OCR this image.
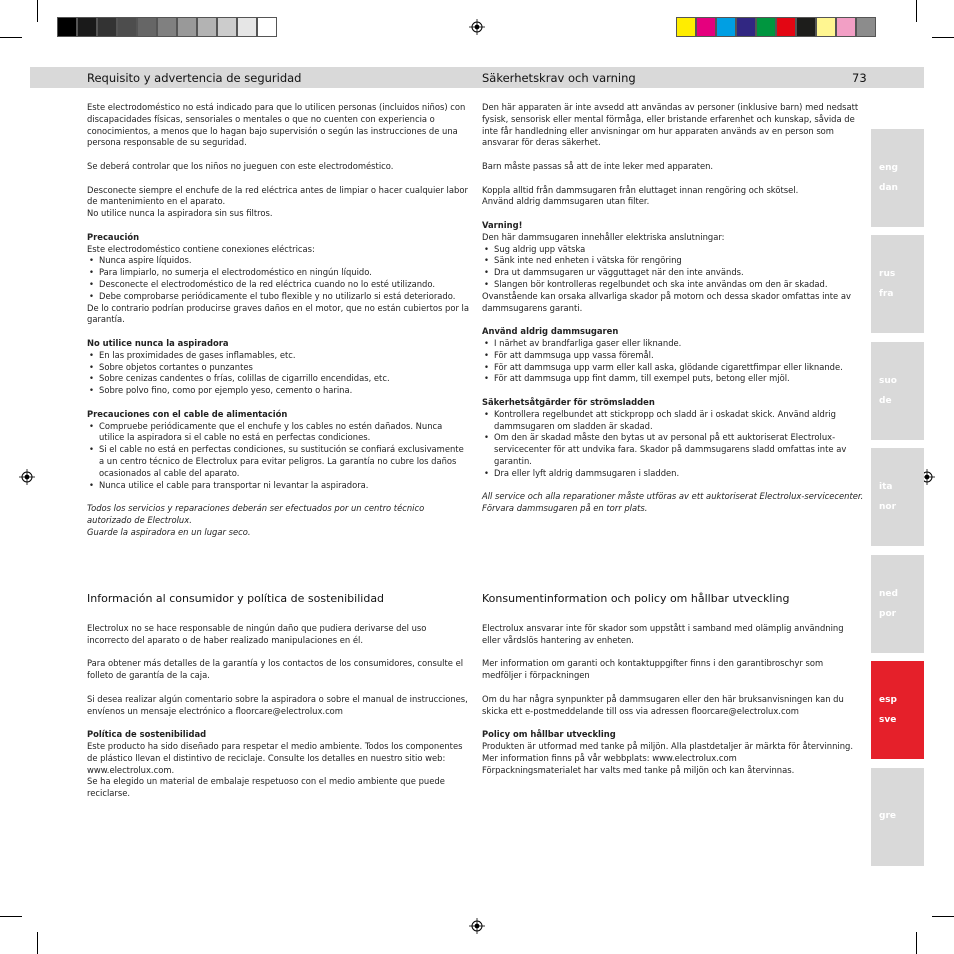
Requisito y advertencia de seguridad	Säkerhetskrav och varning	73

Este electrodoméstico no está indicado para que lo utilicen personas (incluidos niños) con discapacidades físicas, sensoriales o mentales o que no cuenten con experiencia o conocimientos, a menos que lo hagan bajo supervisión o según las instrucciones de una persona responsable de su seguridad.

Se deberá controlar que los niños no jueguen con este electrodoméstico.

Desconecte siempre el enchufe de la red eléctrica antes de limpiar o hacer cualquier labor de mantenimiento en el aparato.

No utilice nunca la aspiradora sin sus filtros.

Precaución
Este electrodoméstico contiene conexiones eléctricas:
• Nunca aspire líquidos.
• Para limpiarlo, no sumerja el electrodoméstico en ningún líquido.
• Desconecte el electrodoméstico de la red eléctrica cuando no lo esté utilizando.
• Debe comprobarse periódicamente el tubo flexible y no utilizarlo si está deteriorado.

De lo contrario podrían producirse graves daños en el motor, que no están cubiertos por la garantía.

No utilice nunca la aspiradora
• En las proximidades de gases inflamables, etc.
• Sobre objetos cortantes o punzantes
• Sobre cenizas candentes o frías, colillas de cigarrillo encendidas, etc.
• Sobre polvo fino, como por ejemplo yeso, cemento o harina.
Precauciones con el cable de alimentación
• Compruebe periódicamente que el enchufe y los cables no estén dañados. Nunca utilice la aspiradora si el cable no está en perfectas condiciones.
• Si el cable no está en perfectas condiciones, su sustitución se confiará exclusivamente a un centro técnico de Electrolux para evitar peligros. La garantía no cubre los daños ocasionados al cable del aparato.
• Nunca utilice el cable para transportar ni levantar la aspiradora.
Todos los servicios y reparaciones deberán ser efectuados por un centro técnico autorizado de Electrolux.
Guarde la aspiradora en un lugar seco.

Den här apparaten är inte avsedd att användas av personer (inklusive barn) med nedsatt fysisk, sensorisk eller mental förmåga, eller bristande erfarenhet och kunskap, såvida de inte får handledning eller anvisningar om hur apparaten används av en person som ansvarar för deras säkerhet.

Barn måste passas så att de inte leker med apparaten.

Koppla alltid från dammsugaren från eluttaget innan rengöring och skötsel.

Använd aldrig dammsugaren utan filter.

Varning!
Den här dammsugaren innehåller elektriska anslutningar:
• Sug aldrig upp vätska
• Sänk inte ned enheten i vätska för rengöring
• Dra ut dammsugaren ur vägguttaget när den inte används.
• Slangen bör kontrolleras regelbundet och ska inte användas om den är skadad.

Ovanstående kan orsaka allvarliga skador på motorn och dessa skador omfattas inte av dammsugarens garanti.

Använd aldrig dammsugaren
• I närhet av brandfarliga gaser eller liknande.
• För att dammsuga upp vassa föremål.
• För att dammsuga upp varm eller kall aska, glödande cigarettfimpar eller liknande.
• För att dammsuga upp fint damm, till exempel puts, betong eller mjöl.
Säkerhetsåtgärder för strömsladden
• Kontrollera regelbundet att stickpropp och sladd är i oskadat skick. Använd aldrig dammsugaren om sladden är skadad.
• Om den är skadad måste den bytas ut av personal på ett auktoriserat Electrolux-servicecenter för att undvika fara. Skador på dammsugarens sladd omfattas inte av garantin.
• Dra eller lyft aldrig dammsugaren i sladden.
All service och alla reparationer måste utföras av ett auktoriserat Electrolux-servicecenter.
Förvara dammsugaren på en torr plats.
Información al consumidor y política de sostenibilidad	Konsumentinformation och policy om hållbar utveckling

Electrolux no se hace responsable de ningún daño que pudiera derivarse del uso incorrecto del aparato o de haber realizado manipulaciones en él.

Para obtener más detalles de la garantía y los contactos de los consumidores, consulte el folleto de garantía de la caja.

Si desea realizar algún comentario sobre la aspiradora o sobre el manual de instrucciones, envíenos un mensaje electrónico a floorcare@electrolux.com

Política de sostenibilidad
Este producto ha sido diseñado para respetar el medio ambiente. Todos los componentes de plástico llevan el distintivo de reciclaje. Consulte los detalles en nuestro sitio web: www.electrolux.com.
Se ha elegido un material de embalaje respetuoso con el medio ambiente que puede reciclarse.

Electrolux ansvarar inte för skador som uppstått i samband med olämplig användning eller vårdslös hantering av enheten.

Mer information om garanti och kontaktuppgifter finns i den garantibroschyr som medföljer i förpackningen

Om du har några synpunkter på dammsugaren eller den här bruksanvisningen kan du skicka ett e-postmeddelande till oss via adressen floorcare@electrolux.com

Policy om hållbar utveckling
Produkten är utformad med tanke på miljön. Alla plastdetaljer är märkta för återvinning. Mer information finns på vår webbplats: www.electrolux.com
Förpackningsmaterialet har valts med tanke på miljön och kan återvinnas.
eng
dan
rus
fra
suo
de
ita
nor
ned
por
esp
sve
gre
